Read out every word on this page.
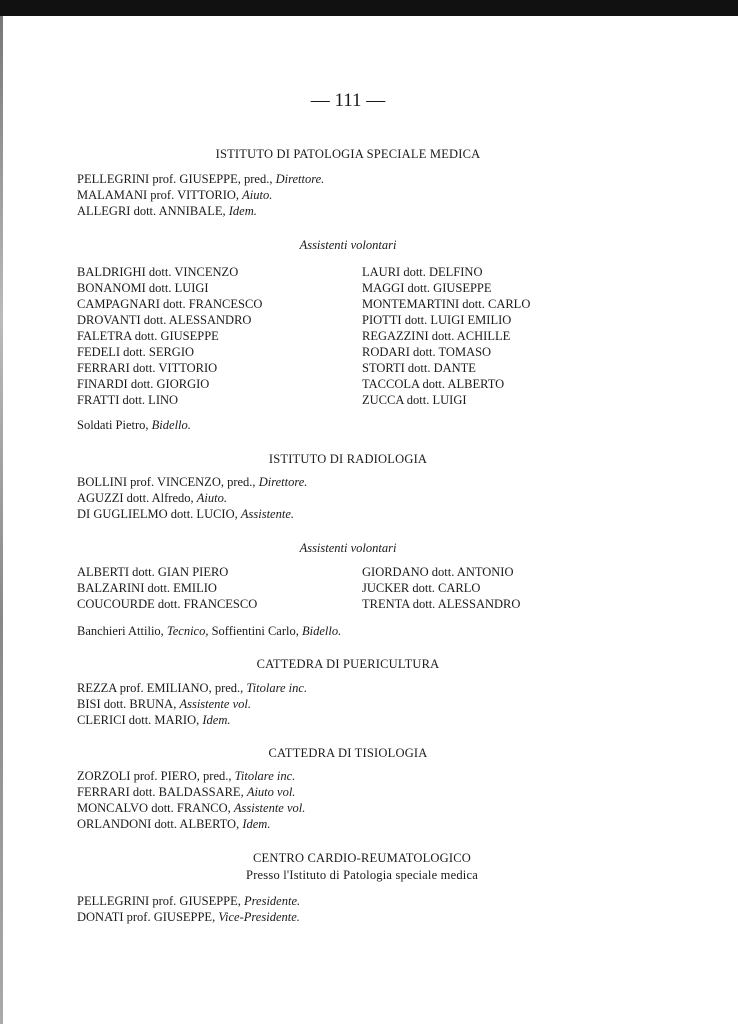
— 111 —
ISTITUTO DI PATOLOGIA SPECIALE MEDICA
PELLEGRINI prof. GIUSEPPE, pred., Direttore.
MALAMANI prof. VITTORIO, Aiuto.
ALLEGRI dott. ANNIBALE, Idem.
Assistenti volontari
BALDRIGHI dott. VINCENZO
BONANOMI dott. LUIGI
CAMPAGNARI dott. FRANCESCO
DROVANTI dott. ALESSANDRO
FALETRA dott. GIUSEPPE
FEDELI dott. SERGIO
FERRARI dott. VITTORIO
FINARDI dott. GIORGIO
FRATTI dott. LINO
LAURI dott. DELFINO
MAGGI dott. GIUSEPPE
MONTEMARTINI dott. CARLO
PIOTTI dott. LUIGI EMILIO
REGAZZINI dott. ACHILLE
RODARI dott. TOMASO
STORTI dott. DANTE
TACCOLA dott. ALBERTO
ZUCCA dott. LUIGI
Soldati Pietro, Bidello.
ISTITUTO DI RADIOLOGIA
BOLLINI prof. VINCENZO, pred., Direttore.
AGUZZI dott. Alfredo, Aiuto.
DI GUGLIELMO dott. LUCIO, Assistente.
Assistenti volontari
ALBERTI dott. GIAN PIERO
BALZARINI dott. EMILIO
COUCOURDE dott. FRANCESCO
GIORDANO dott. ANTONIO
JUCKER dott. CARLO
TRENTA dott. ALESSANDRO
Banchieri Attilio, Tecnico, Soffientini Carlo, Bidello.
CATTEDRA DI PUERICULTURA
REZZA prof. EMILIANO, pred., Titolare inc.
BISI dott. BRUNA, Assistente vol.
CLERICI dott. MARIO, Idem.
CATTEDRA DI TISIOLOGIA
ZORZOLI prof. PIERO, pred., Titolare inc.
FERRARI dott. BALDASSARE, Aiuto vol.
MONCALVO dott. FRANCO, Assistente vol.
ORLANDONI dott. ALBERTO, Idem.
CENTRO CARDIO-REUMATOLOGICO
Presso l'Istituto di Patologia speciale medica
PELLEGRINI prof. GIUSEPPE, Presidente.
DONATI prof. GIUSEPPE, Vice-Presidente.
